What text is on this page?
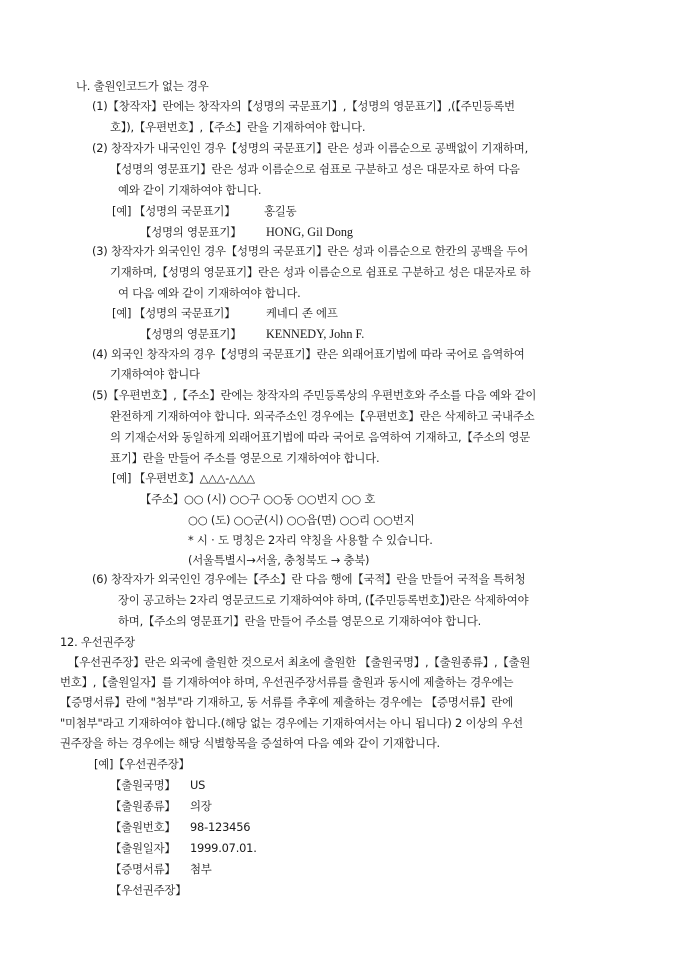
나. 출원인코드가 없는 경우
(1)【창작자】란에는 창작자의【성명의 국문표기】,【성명의 영문표기】,(【주민등록번
호】),【우편번호】,【주소】란을 기재하여야 합니다.
(2) 창작자가 내국인인 경우【성명의 국문표기】란은 성과 이름순으로 공백없이 기재하며,
【성명의 영문표기】란은 성과 이름순으로 쉼표로 구분하고 성은 대문자로 하여 다음
예와 같이 기재하여야 합니다.
[예] 【성명의 국문표기】	홍길동
【성명의 영문표기】 HONG, Gil Dong
(3) 창작자가 외국인인 경우【성명의 국문표기】란은 성과 이름순으로 한칸의 공백을 두어
기재하며,【성명의 영문표기】란은 성과 이름순으로 쉼표로 구분하고 성은 대문자로 하
여 다음 예와 같이 기재하여야 합니다.
[예] 【성명의 국문표기】	케네디 존 에프
【성명의 영문표기】 KENNEDY, John F.
(4) 외국인 창작자의 경우【성명의 국문표기】란은 외래어표기법에 따라 국어로 음역하여
기재하여야 합니다
(5)【우편번호】,【주소】란에는 창작자의 주민등록상의 우편번호와 주소를 다음 예와 같이
완전하게 기재하여야 합니다. 외국주소인 경우에는【우편번호】란은 삭제하고 국내주소
의 기재순서와 동일하게 외래어표기법에 따라 국어로 음역하여 기재하고,【주소의 영문
표기】란을 만들어 주소를 영문으로 기재하여야 합니다.
[예] 【우편번호】△△△-△△△
【주소】○○ (시) ○○구 ○○동 ○○번지 ○○ 호
○○ (도) ○○군(시) ○○읍(면) ○○리 ○○번지
* 시 · 도 명칭은 2자리 약칭을 사용할 수 있습니다.
(서울특별시→서울, 충청북도 → 충북)
(6) 창작자가 외국인인 경우에는【주소】란 다음 행에【국적】란을 만들어 국적을 특허청
장이 공고하는 2자리 영문코드로 기재하여야 하며, (【주민등록번호】)란은 삭제하여야
하며,【주소의 영문표기】란을 만들어 주소를 영문으로 기재하여야 합니다.
12. 우선권주장
【우선권주장】란은 외국에 출원한 것으로서 최초에 출원한 【출원국명】,【출원종류】,【출원
번호】,【출원일자】를 기재하여야 하며, 우선권주장서류를 출원과 동시에 제출하는 경우에는
【증명서류】란에 "첨부"라 기재하고, 동 서류를 추후에 제출하는 경우에는 【증명서류】란에
"미첨부"라고 기재하여야 합니다.(해당 없는 경우에는 기재하여서는 아니 됩니다) 2 이상의 우선
권주장을 하는 경우에는 해당 식별항목을 증설하여 다음 예와 같이 기재합니다.
[예]【우선권주장】
【출원국명】 US
【출원종류】 의장
【출원번호】 98-123456
【출원일자】 1999.07.01.
【증명서류】 첨부
【우선권주장】
